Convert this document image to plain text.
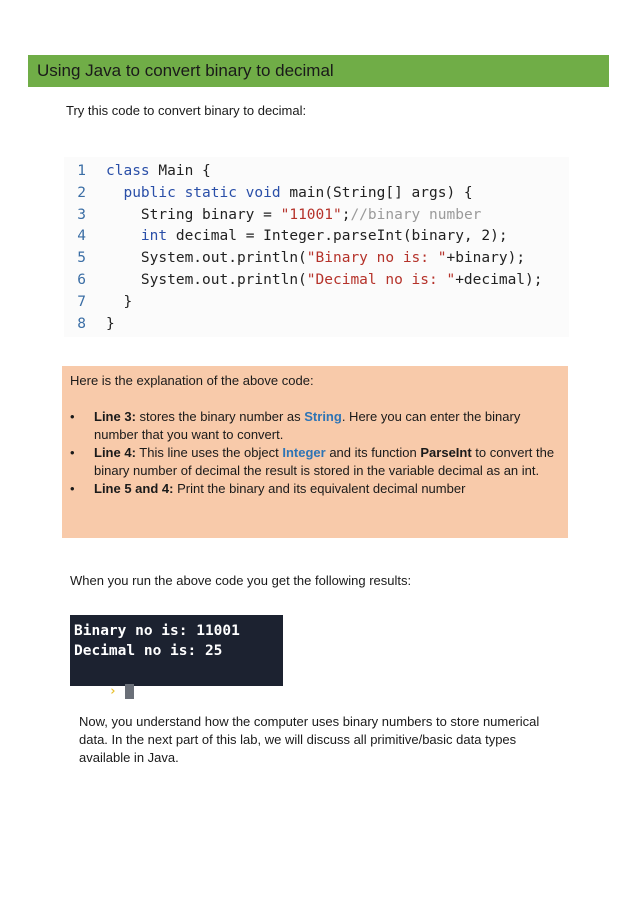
Using Java to convert binary to decimal
Try this code to convert binary to decimal:
1 class Main {
2	public static void main(String[] args) {
3	String binary = "11001";//binary number
4	int decimal = Integer.parseInt(binary, 2);
5	System.out.println("Binary no is: "+binary);
6	System.out.println("Decimal no is: "+decimal);
7	}
8 }
Here is the explanation of the above code:
• Line 3: stores the binary number as String. Here you can enter the binary number that you want to convert.
• Line 4: This line uses the object Integer and its function ParseInt to convert the binary number of decimal the result is stored in the variable decimal as an int.
• Line 5 and 4: Print the binary and its equivalent decimal number
When you run the above code you get the following results:
Binary no is: 11001
Decimal no is: 25

›

Now, you understand how the computer uses binary numbers to store numerical data. In the next part of this lab, we will discuss all primitive/basic data types available in Java.
